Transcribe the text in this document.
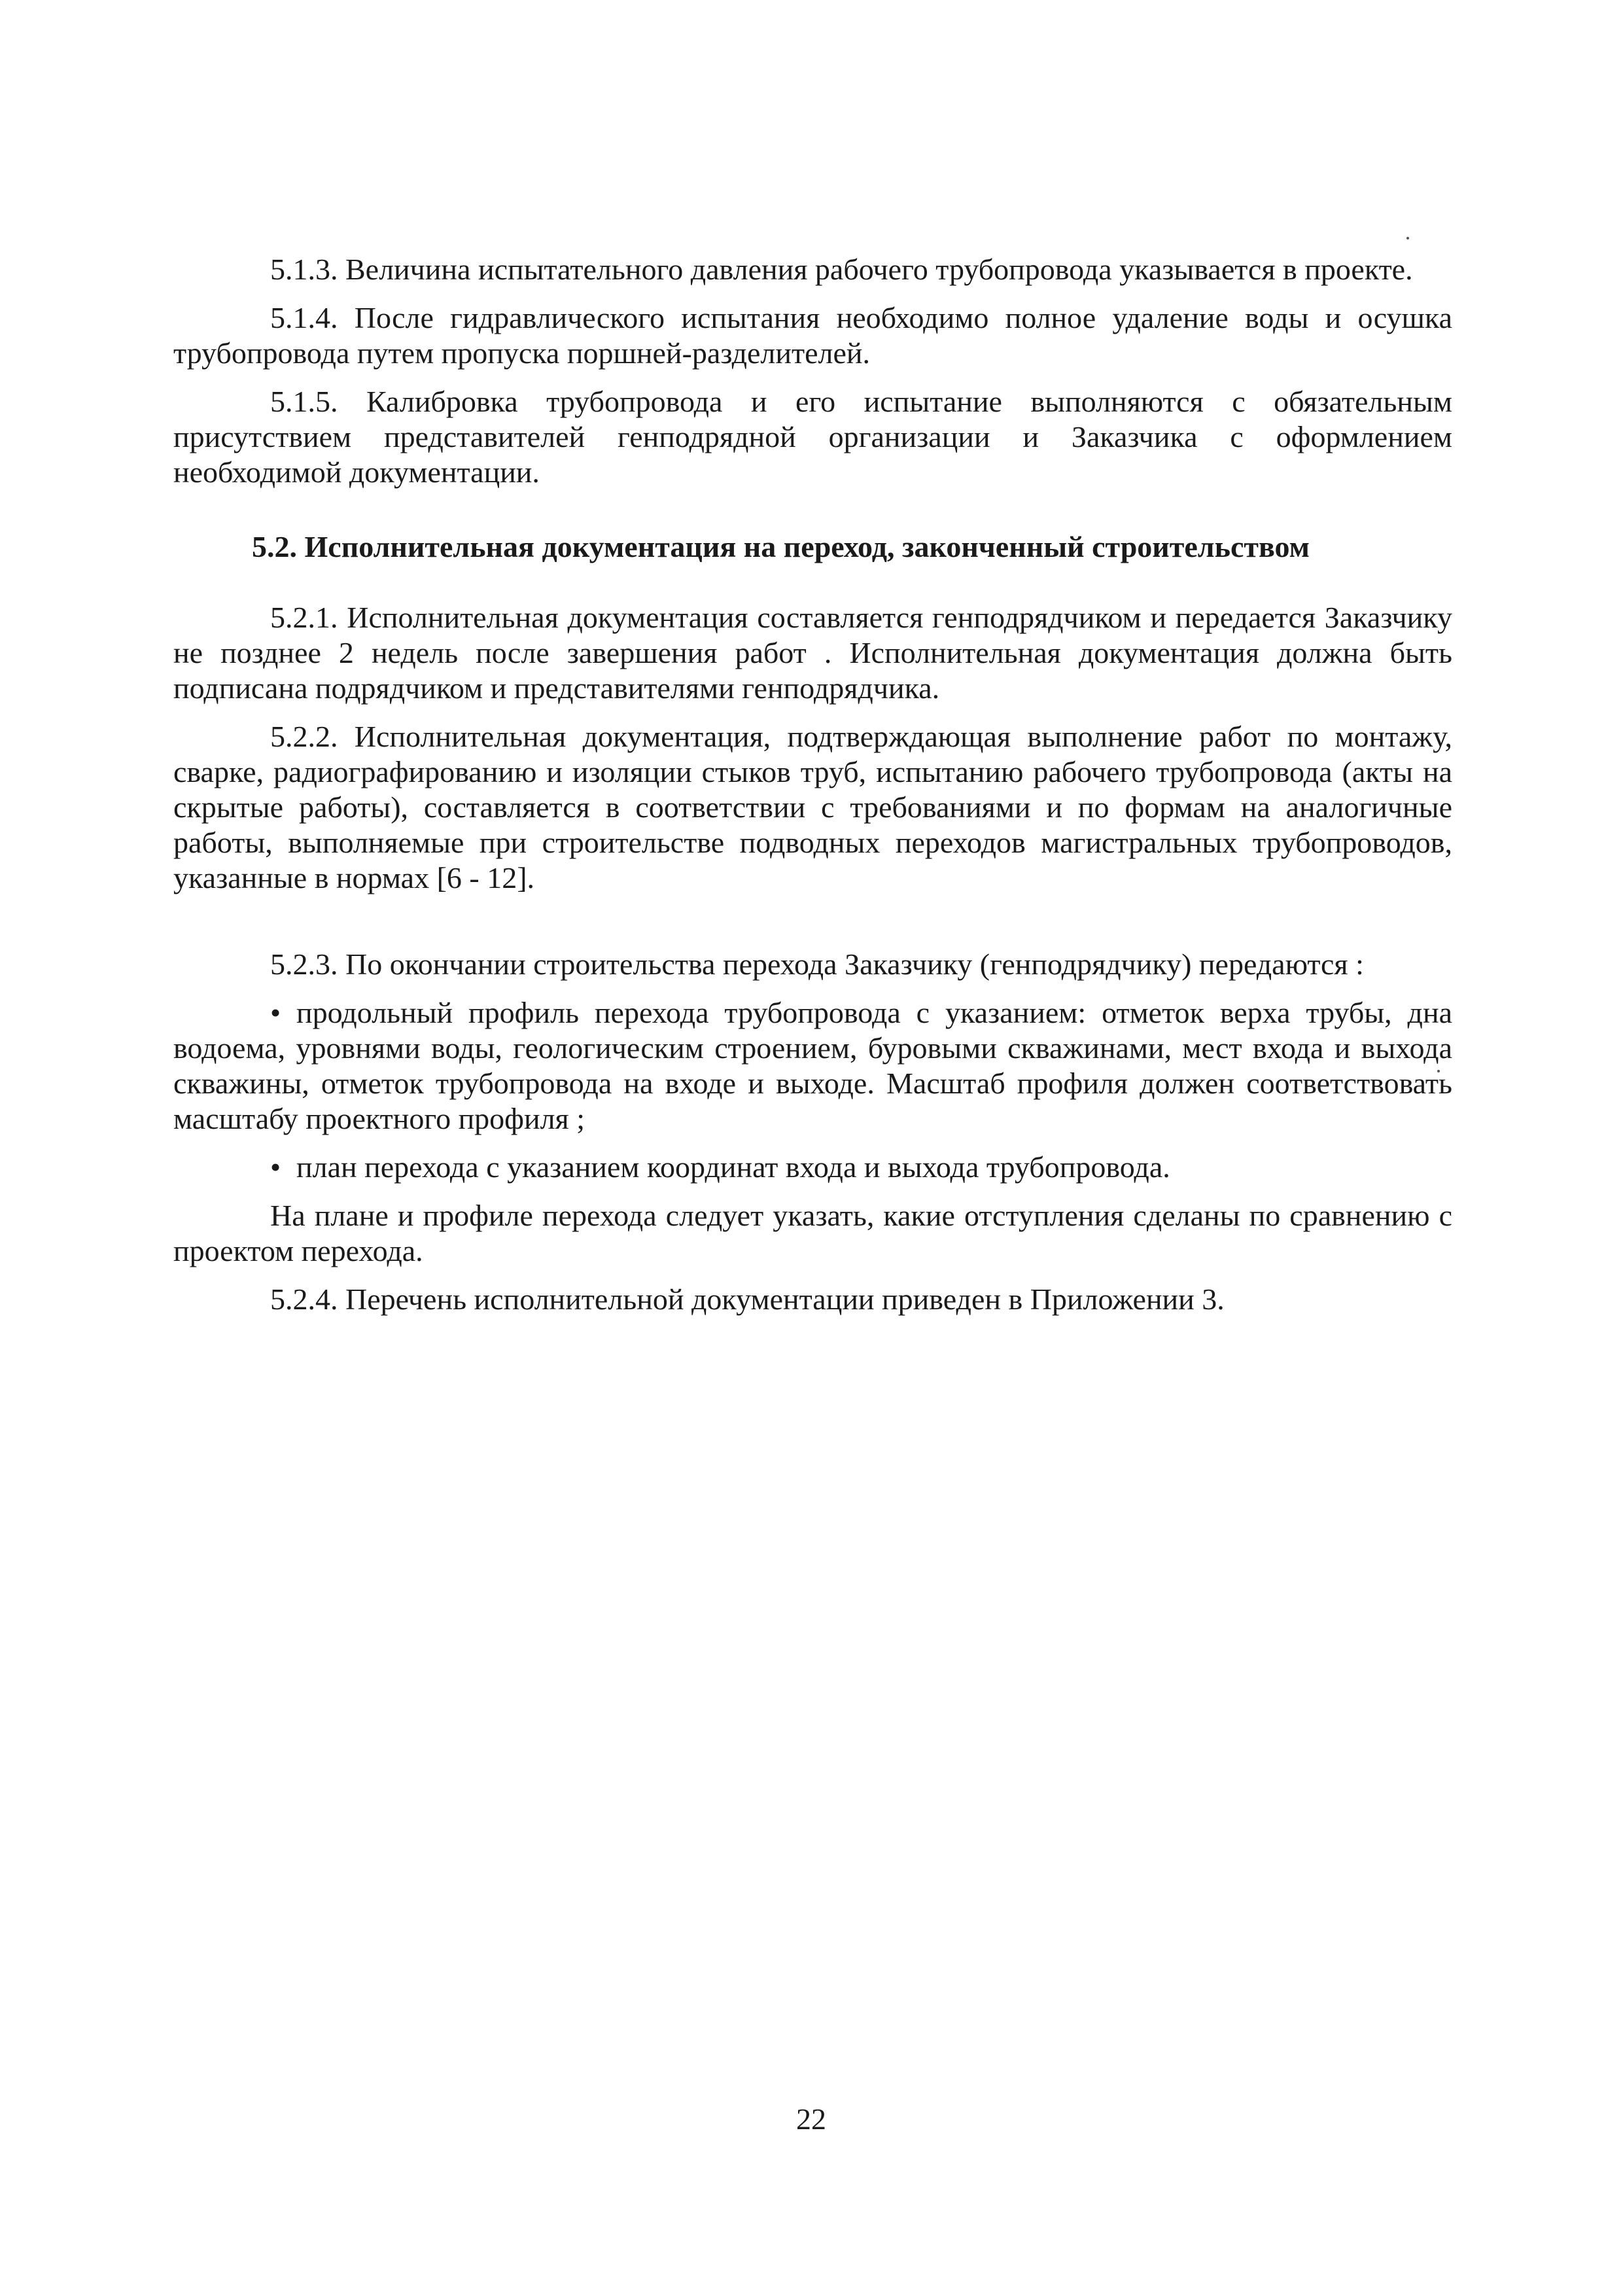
5.1.3. Величина испытательного давления рабочего трубопровода указывается в проекте.

5.1.4. После гидравлического испытания необходимо полное удаление воды и осушка трубопровода путем пропуска поршней-разделителей.

5.1.5. Калибровка трубопровода и его испытание выполняются с обязательным присутствием представителей генподрядной организации и Заказчика с оформлением необходимой документации.

5.2. Исполнительная документация на переход, законченный строительством

5.2.1. Исполнительная документация составляется генподрядчиком и передается Заказчику не позднее 2 недель после завершения работ . Исполнительная документация должна быть подписана подрядчиком и представителями генподрядчика.

5.2.2. Исполнительная документация, подтверждающая выполнение работ по монтажу, сварке, радиографированию и изоляции стыков труб, испытанию рабочего трубопровода (акты на скрытые работы), составляется в соответствии с требованиями и по формам на аналогичные работы, выполняемые при строительстве подводных переходов магистральных трубопроводов, указанные в нормах [6 - 12].

5.2.3. По окончании строительства перехода Заказчику (генподрядчику) передаются :

• продольный профиль перехода трубопровода с указанием: отметок верха трубы, дна водоема, уровнями воды, геологическим строением, буровыми скважинами, мест входа и выхода скважины, отметок трубопровода на входе и выходе. Масштаб профиля должен соответствовать масштабу проектного профиля ;

• план перехода с указанием координат входа и выхода трубопровода.

На плане и профиле перехода следует указать, какие отступления сделаны по сравнению с проектом перехода.

5.2.4. Перечень исполнительной документации приведен в Приложении 3.

22
